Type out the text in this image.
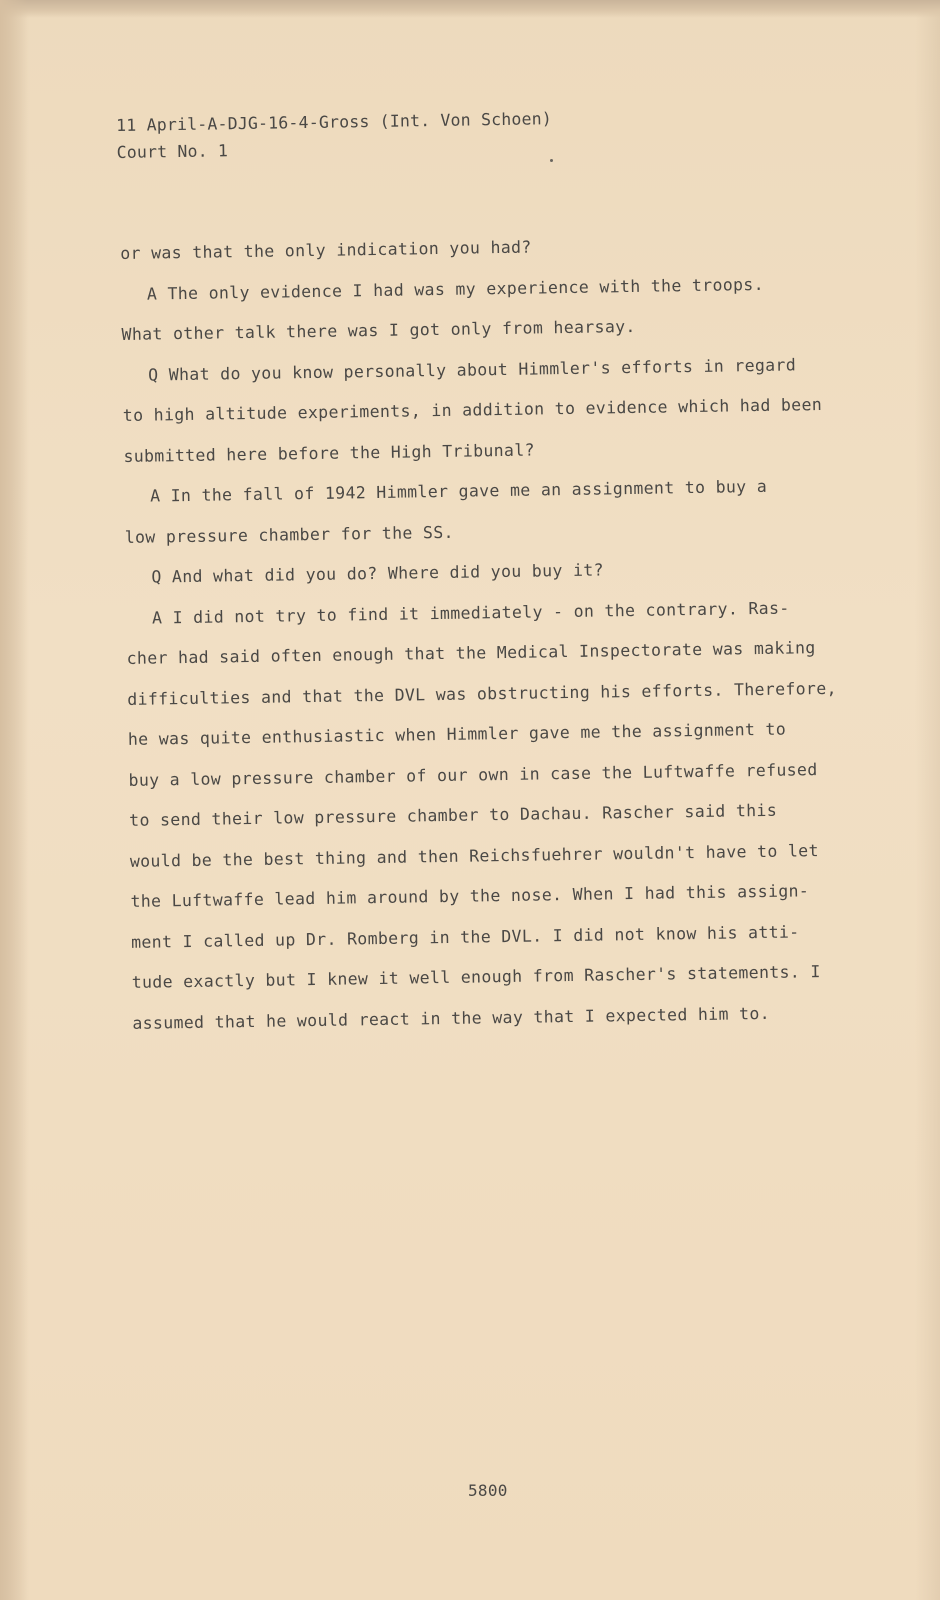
11 April-A-DJG-16-4-Gross (Int. Von Schoen)
Court No. 1
or was that the only indication you had?
A The only evidence I had was my experience with the troops.
What other talk there was I got only from hearsay.
Q What do you know personally about Himmler's efforts in regard
to high altitude experiments, in addition to evidence which had been
submitted here before the High Tribunal?
A In the fall of 1942 Himmler gave me an assignment to buy a
low pressure chamber for the SS.
Q And what did you do? Where did you buy it?
A I did not try to find it immediately - on the contrary. Ras-
cher had said often enough that the Medical Inspectorate was making
difficulties and that the DVL was obstructing his efforts. Therefore,
he was quite enthusiastic when Himmler gave me the assignment to
buy a low pressure chamber of our own in case the Luftwaffe refused
to send their low pressure chamber to Dachau. Rascher said this
would be the best thing and then Reichsfuehrer wouldn't have to let
the Luftwaffe lead him around by the nose. When I had this assign-
ment I called up Dr. Romberg in the DVL. I did not know his atti-
tude exactly but I knew it well enough from Rascher's statements. I
assumed that he would react in the way that I expected him to.
5800
